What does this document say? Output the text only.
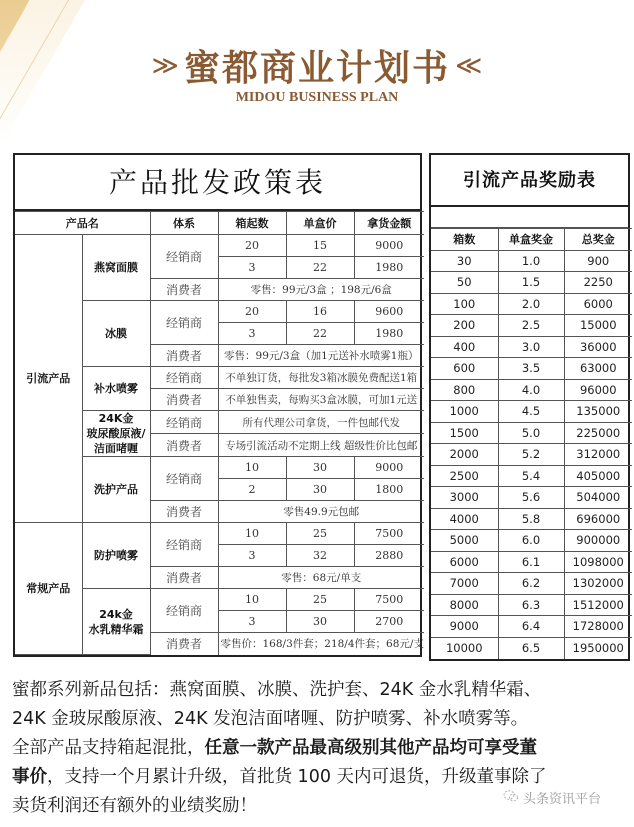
≫ 蜜都商业计划书 ≪
MIDOU BUSINESS PLAN
产品批发政策表
产品名		体系	箱起数	单盒价	拿货金额
引流产品	燕窝面膜	经销商	20	15	9000
			3	22	1980
		消费者	零售：99元/3盒 ；198元/6盒		
	冰膜	经销商	20	16	9600
			3	22	1980
		消费者	零售：99元/3盒（加1元送补水喷雾1瓶）		
	补水喷雾	经销商	不单独订货，每批发3箱冰膜免费配送1箱		
		消费者	不单独售卖，每购买3盒冰膜，可加1元送		

	24K金
玻尿酸原液/
洁面啫喱	经销商	所有代理公司拿货，一件包邮代发		
		消费者	专场引流活动不定期上线 超级性价比包邮		
	洗护产品	经销商	10	30	9000
			2	30	1800
		消费者	零售49.9元包邮		
常规产品	防护喷雾	经销商	10	25	7500
			3	32	2880
		消费者	零售：68元/单支		

	24k金
水乳精华霜	经销商	10	25	7500
			3	30	2700
		消费者	零售价：168/3件套；218/4件套；68元/支		
引流产品奖励表
箱数	单盒奖金	总奖金
30	1.0	900
50	1.5	2250
100	2.0	6000
200	2.5	15000
400	3.0	36000
600	3.5	63000
800	4.0	96000
1000	4.5	135000
1500	5.0	225000
2000	5.2	312000
2500	5.4	405000
3000	5.6	504000
4000	5.8	696000
5000	6.0	900000
6000	6.1	1098000
7000	6.2	1302000
8000	6.3	1512000
9000	6.4	1728000
10000	6.5	1950000
蜜都系列新品包括：燕窝面膜、冰膜、洗护套、24K 金水乳精华霜、
24K 金玻尿酸原液、24K 发泡洁面啫喱、防护喷雾、补水喷雾等。
全部产品支持箱起混批，任意一款产品最高级别其他产品均可享受董
事价，支持一个月累计升级，首批货 100 天内可退货，升级董事除了
卖货利润还有额外的业绩奖励！	头条资讯平台
